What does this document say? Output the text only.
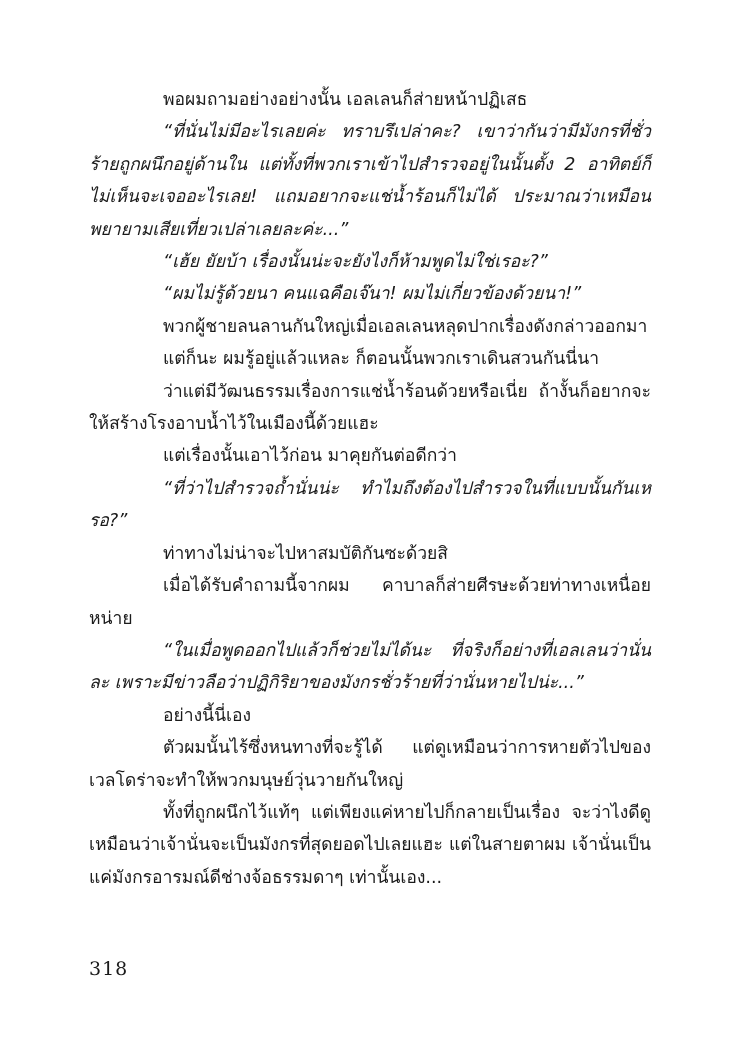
พอผมถามอย่างอย่างนั้น เอลเลนก็ส่ายหน้าปฏิเสธ

“ที่นั่นไม่มีอะไรเลยค่ะ ทราบรึเปล่าคะ? เขาว่ากันว่ามีมังกรที่ชั่วร้ายถูกผนึกอยู่ด้านใน แต่ทั้งที่พวกเราเข้าไปสำรวจอยู่ในนั้นตั้ง 2 อาทิตย์ก็ไม่เห็นจะเจออะไรเลย! แถมอยากจะแช่น้ำร้อนก็ไม่ได้ ประมาณว่าเหมือนพยายามเสียเที่ยวเปล่าเลยละค่ะ...”

“เฮ้ย ยัยบ้า เรื่องนั้นน่ะจะยังไงก็ห้ามพูดไม่ใช่เรอะ?”

“ผมไม่รู้ด้วยนา คนแฉคือเจ๊นา! ผมไม่เกี่ยวข้องด้วยนา!”

พวกผู้ชายลนลานกันใหญ่เมื่อเอลเลนหลุดปากเรื่องดังกล่าวออกมา

แต่ก็นะ ผมรู้อยู่แล้วแหละ ก็ตอนนั้นพวกเราเดินสวนกันนี่นา

ว่าแต่มีวัฒนธรรมเรื่องการแช่น้ำร้อนด้วยหรือเนี่ย ถ้างั้นก็อยากจะให้สร้างโรงอาบน้ำไว้ในเมืองนี้ด้วยแฮะ

แต่เรื่องนั้นเอาไว้ก่อน มาคุยกันต่อดีกว่า

“ที่ว่าไปสำรวจถ้ำนั่นน่ะ ทำไมถึงต้องไปสำรวจในที่แบบนั้นกันเหรอ?”

ท่าทางไม่น่าจะไปหาสมบัติกันซะด้วยสิ

เมื่อได้รับคำถามนี้จากผม คาบาลก็ส่ายศีรษะด้วยท่าทางเหนื่อยหน่าย

“ในเมื่อพูดออกไปแล้วก็ช่วยไม่ได้นะ ที่จริงก็อย่างที่เอลเลนว่านั่นละ เพราะมีข่าวลือว่าปฏิกิริยาของมังกรชั่วร้ายที่ว่านั่นหายไปน่ะ...”

อย่างนี้นี่เอง

ตัวผมนั้นไร้ซึ่งหนทางที่จะรู้ได้ แต่ดูเหมือนว่าการหายตัวไปของเวลโดร่าจะทำให้พวกมนุษย์วุ่นวายกันใหญ่

ทั้งที่ถูกผนึกไว้แท้ๆ แต่เพียงแค่หายไปก็กลายเป็นเรื่อง จะว่าไงดีดูเหมือนว่าเจ้านั่นจะเป็นมังกรที่สุดยอดไปเลยแฮะ แต่ในสายตาผม เจ้านั่นเป็นแค่มังกรอารมณ์ดีช่างจ้อธรรมดาๆ เท่านั้นเอง...

318
